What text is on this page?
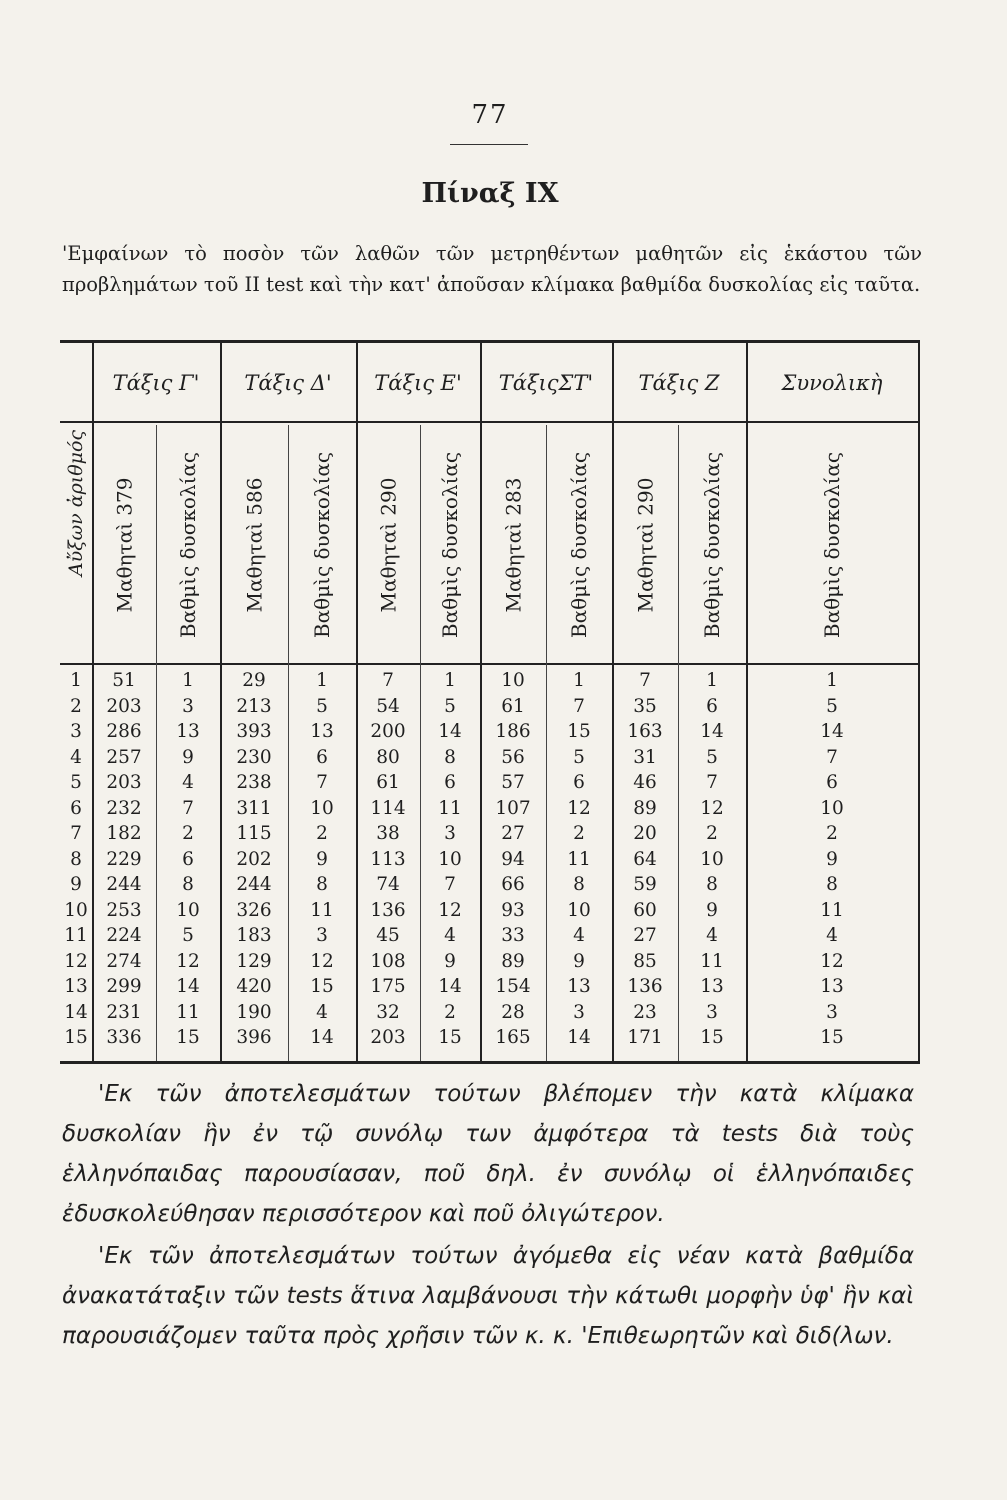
77
Πίναξ IX
'Εμφαίνων τὸ ποσὸν τῶν λαθῶν τῶν μετρηθέντων μαθητῶν εἰς ἑκάστου τῶν προβλημάτων τοῦ II test καὶ τὴν κατ' ἀποῦσαν κλίμακα βαθμίδα δυσκολίας εἰς ταῦτα.
Αὔξων ἀριθμός
Τάξις Γ'	Τάξις Δ'	Τάξις Ε'	ΤάξιςΣΤ'	Τάξις Ζ	Συνολικὴ
Μαθηταὶ 379 Βαθμὶς δυσκολίας Μαθηταὶ 586 Βαθμὶς δυσκολίας Μαθηταὶ 290 Βαθμὶς δυσκολίας Μαθηταὶ 283 Βαθμὶς δυσκολίας Μαθηταὶ 290 Βαθμὶς δυσκολίας	Βαθμὶς δυσκολίας
1	51	1	29	1	7	1	10	1	7	1	1
2	203	3	213	5	54	5	61	7	35	6	5
3	286	13	393	13	200	14	186	15	163	14	14
4	257	9	230	6	80	8	56	5	31	5	7
5	203	4	238	7	61	6	57	6	46	7	6
6	232	7	311	10	114	11	107	12	89	12	10
7	182	2	115	2	38	3	27	2	20	2	2
8	229	6	202	9	113	10	94	11	64	10	9
9	244	8	244	8	74	7	66	8	59	8	8
10	253	10	326	11	136	12	93	10	60	9	11
11	224	5	183	3	45	4	33	4	27	4	4
12	274	12	129	12	108	9	89	9	85	11	12
13	299	14	420	15	175	14	154	13	136	13	13
14	231	11	190	4	32	2	28	3	23	3	3
15	336	15	396	14	203	15	165	14	171	15	15

'Εκ τῶν ἀποτελεσμάτων τούτων βλέπομεν τὴν κατὰ κλίμακα δυσκολίαν ἣν ἐν τῷ συνόλῳ των ἀμφότερα τὰ tests διὰ τοὺς ἑλληνόπαιδας παρουσίασαν, ποῦ δηλ. ἐν συνόλῳ οἱ ἑλληνόπαιδες ἐδυσκολεύθησαν περισσότερον καὶ ποῦ ὀλιγώτερον.

'Εκ τῶν ἀποτελεσμάτων τούτων ἀγόμεθα εἰς νέαν κατὰ βαθμίδα ἀνακατάταξιν τῶν tests ἅτινα λαμβάνουσι τὴν κάτωθι μορφὴν ὑφ' ἣν καὶ παρουσιάζομεν ταῦτα πρὸς χρῆσιν τῶν κ. κ. 'Επιθεωρητῶν καὶ διδ(λων.
